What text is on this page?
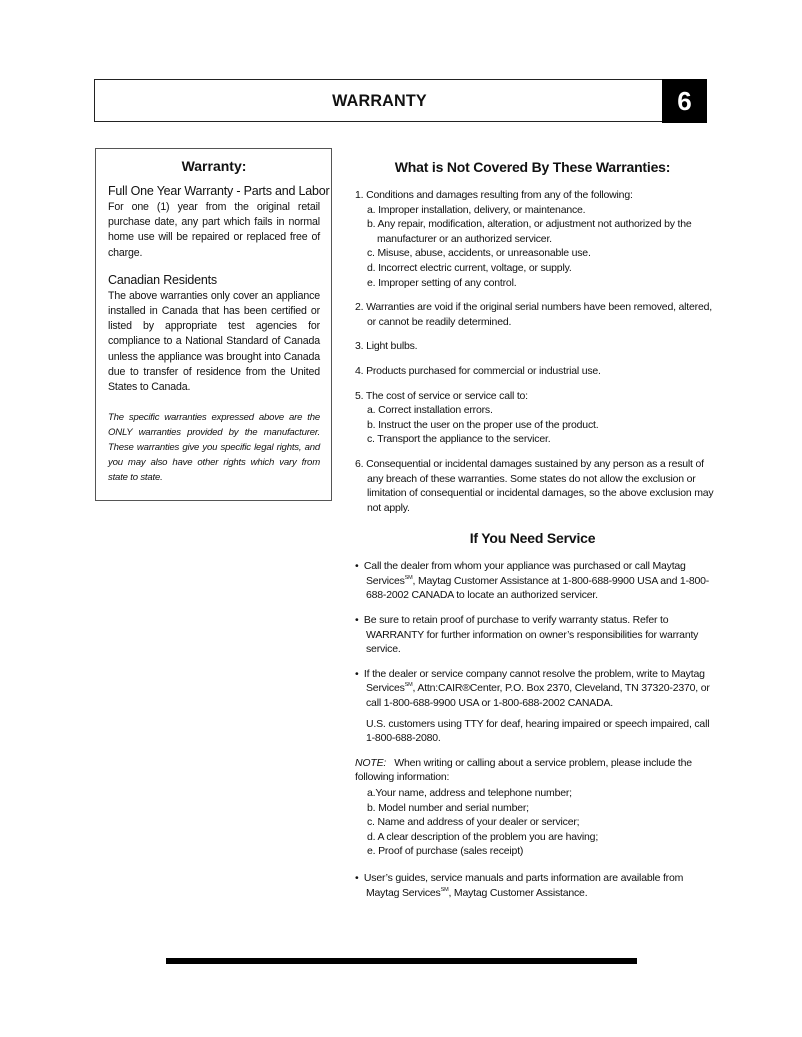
WARRANTY	6
Warranty:
Full One Year Warranty - Parts and Labor
For one (1) year from the original retail purchase date, any part which fails in normal home use will be repaired or replaced free of charge.
Canadian Residents
The above warranties only cover an appliance installed in Canada that has been certified or listed by appropriate test agencies for compliance to a National Standard of Canada unless the appliance was brought into Canada due to transfer of residence from the United States to Canada.
The specific warranties expressed above are the ONLY warranties provided by the manufacturer. These warranties give you specific legal rights, and you may also have other rights which vary from state to state.
What is Not Covered By These Warranties:
1. Conditions and damages resulting from any of the following:
a. Improper installation, delivery, or maintenance.
b. Any repair, modification, alteration, or adjustment not authorized by the manufacturer or an authorized servicer.
c. Misuse, abuse, accidents, or unreasonable use.
d. Incorrect electric current, voltage, or supply.
e. Improper setting of any control.
2. Warranties are void if the original serial numbers have been removed, altered, or cannot be readily determined.
3. Light bulbs.
4. Products purchased for commercial or industrial use.
5. The cost of service or service call to:
a. Correct installation errors.
b. Instruct the user on the proper use of the product.
c. Transport the appliance to the servicer.
6. Consequential or incidental damages sustained by any person as a result of any breach of these warranties. Some states do not allow the exclusion or limitation of consequential or incidental damages, so the above exclusion may not apply.
If You Need Service
• Call the dealer from whom your appliance was purchased or call Maytag Services℠, Maytag Customer Assistance at 1-800-688-9900 USA and 1-800-688-2002 CANADA to locate an authorized servicer.
• Be sure to retain proof of purchase to verify warranty status. Refer to WARRANTY for further information on owner’s responsibilities for warranty service.
• If the dealer or service company cannot resolve the problem, write to Maytag Services℠, Attn:CAIR®Center, P.O. Box 2370, Cleveland, TN 37320-2370, or call 1-800-688-9900 USA or 1-800-688-2002 CANADA.
U.S. customers using TTY for deaf, hearing impaired or speech impaired, call 1-800-688-2080.
NOTE: When writing or calling about a service problem, please include the following information:
a.Your name, address and telephone number;
b. Model number and serial number;
c. Name and address of your dealer or servicer;
d. A clear description of the problem you are having;
e. Proof of purchase (sales receipt)
• User’s guides, service manuals and parts information are available from Maytag Services℠, Maytag Customer Assistance.
